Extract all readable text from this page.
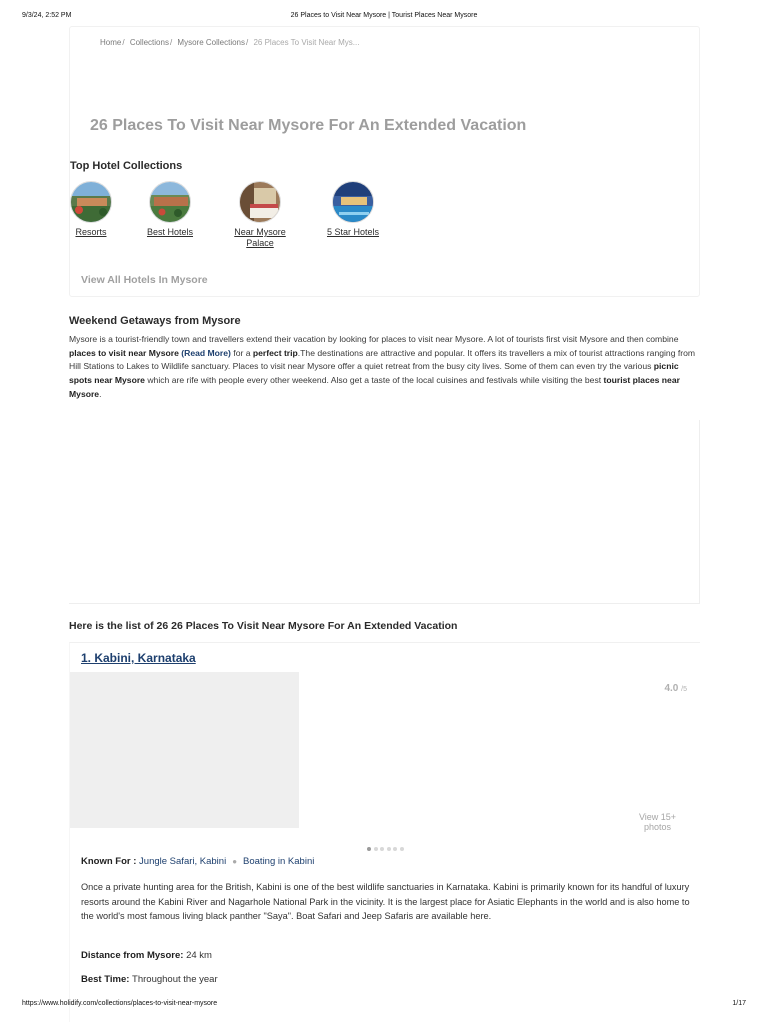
9/3/24, 2:52 PM	26 Places to Visit Near Mysore | Tourist Places Near Mysore
Home/ Collections/ Mysore Collections/ 26 Places To Visit Near Mys...
26 Places To Visit Near Mysore For An Extended Vacation
Top Hotel Collections
Resorts	Best Hotels	Near Mysore Palace
5 Star Hotels
View All Hotels In Mysore
Weekend Getaways from Mysore

Mysore is a tourist-friendly town and travellers extend their vacation by looking for places to visit near Mysore. A lot of tourists first visit Mysore and then combine places to visit near Mysore (Read More) for a perfect trip.The destinations are attractive and popular. It offers its travellers a mix of tourist attractions ranging from Hill Stations to Lakes to Wildlife sanctuary. Places to visit near Mysore offer a quiet retreat from the busy city lives. Some of them can even try the various picnic spots near Mysore which are rife with people every other weekend. Also get a taste of the local cuisines and festivals while visiting the best tourist places near Mysore.

Here is the list of 26 26 Places To Visit Near Mysore For An Extended Vacation
1. Kabini, Karnataka
4.0 /5
View 15+ photos
Known For : Jungle Safari, Kabini ● Boating in Kabini

Once a private hunting area for the British, Kabini is one of the best wildlife sanctuaries in Karnataka. Kabini is primarily known for its handful of luxury resorts around the Kabini River and Nagarhole National Park in the vicinity. It is the largest place for Asiatic Elephants in the world and is also home to the world's most famous living black panther "Saya". Boat Safari and Jeep Safaris are available here.

Distance from Mysore: 24 km
Best Time: Throughout the year
https://www.holidify.com/collections/places-to-visit-near-mysore	1/17
